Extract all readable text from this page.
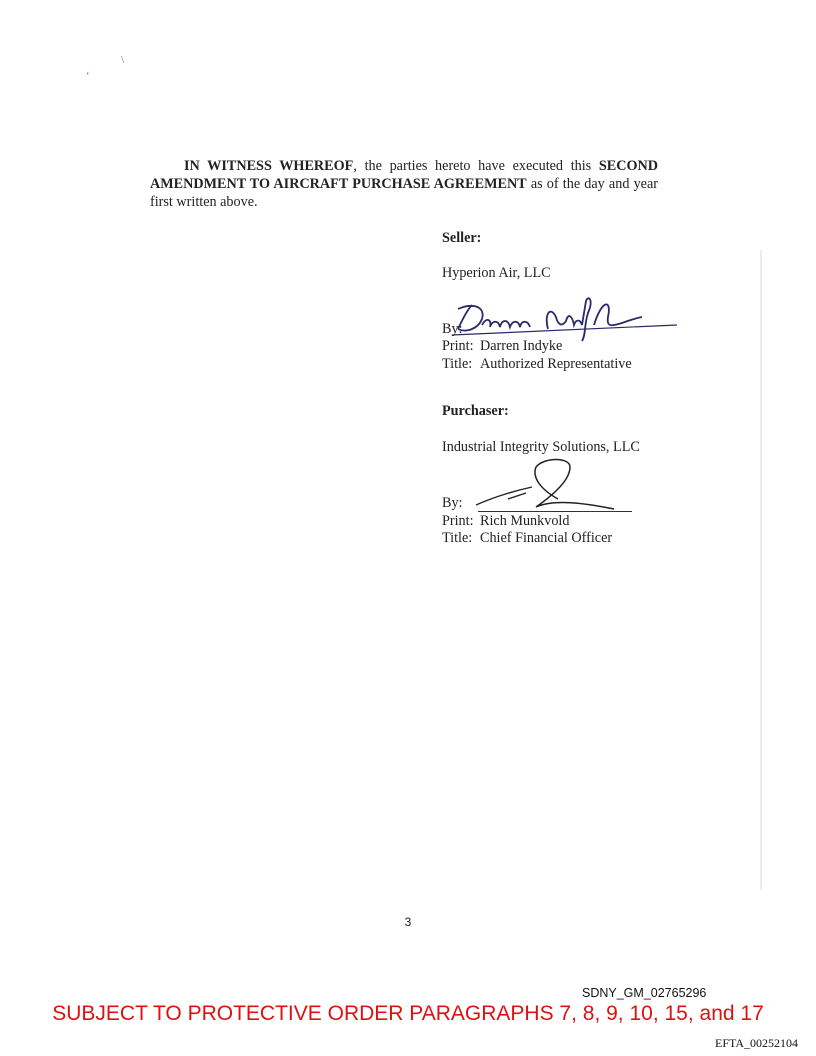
\
‘
IN WITNESS WHEREOF, the parties hereto have executed this SECOND AMENDMENT TO AIRCRAFT PURCHASE AGREEMENT as of the day and year first written above.
Seller:
Hyperion Air, LLC
By:
Print: Darren Indyke
Title: Authorized Representative
Purchaser:
Industrial Integrity Solutions, LLC
By:
Print: Rich Munkvold
Title: Chief Financial Officer
3
SDNY_GM_02765296
SUBJECT TO PROTECTIVE ORDER PARAGRAPHS 7, 8, 9, 10, 15, and 17
EFTA_00252104
